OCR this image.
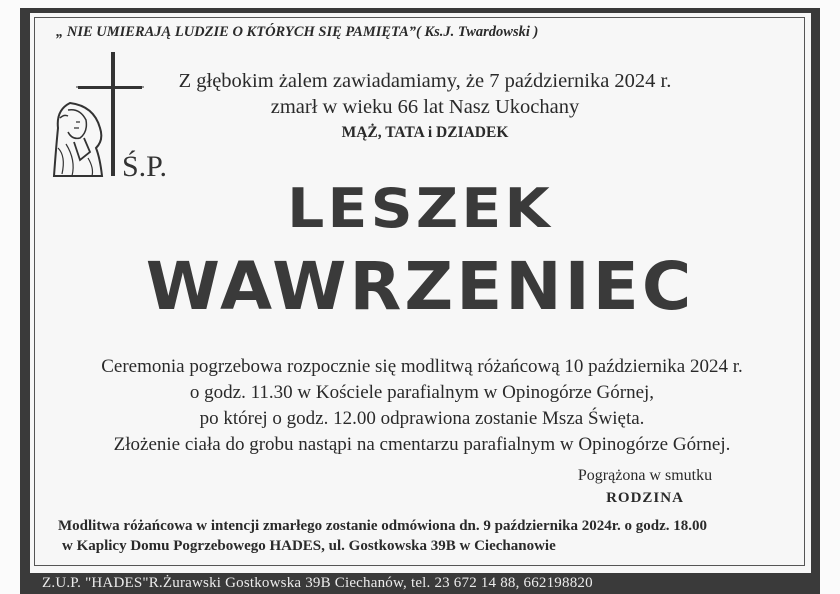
„ NIE UMIERAJĄ LUDZIE O KTÓRYCH SIĘ PAMIĘTA”( Ks.J. Twardowski )
Ś.P.
Z głębokim żalem zawiadamiamy, że 7 października 2024 r.
zmarł w wieku 66 lat Nasz Ukochany
MĄŻ, TATA i DZIADEK
LESZEK
WAWRZENIEC
Ceremonia pogrzebowa rozpocznie się modlitwą różańcową 10 października 2024 r.
o godz. 11.30 w Kościele parafialnym w Opinogórze Górnej,
po której o godz. 12.00 odprawiona zostanie Msza Święta.
Złożenie ciała do grobu nastąpi na cmentarzu parafialnym w Opinogórze Górnej.
Pogrążona w smutku
RODZINA
Modlitwa różańcowa w intencji zmarłego zostanie odmówiona dn. 9 października 2024r. o godz. 18.00
w Kaplicy Domu Pogrzebowego HADES, ul. Gostkowska 39B w Ciechanowie
Z.U.P. "HADES"R.Żurawski Gostkowska 39B Ciechanów, tel. 23 672 14 88, 662198820
